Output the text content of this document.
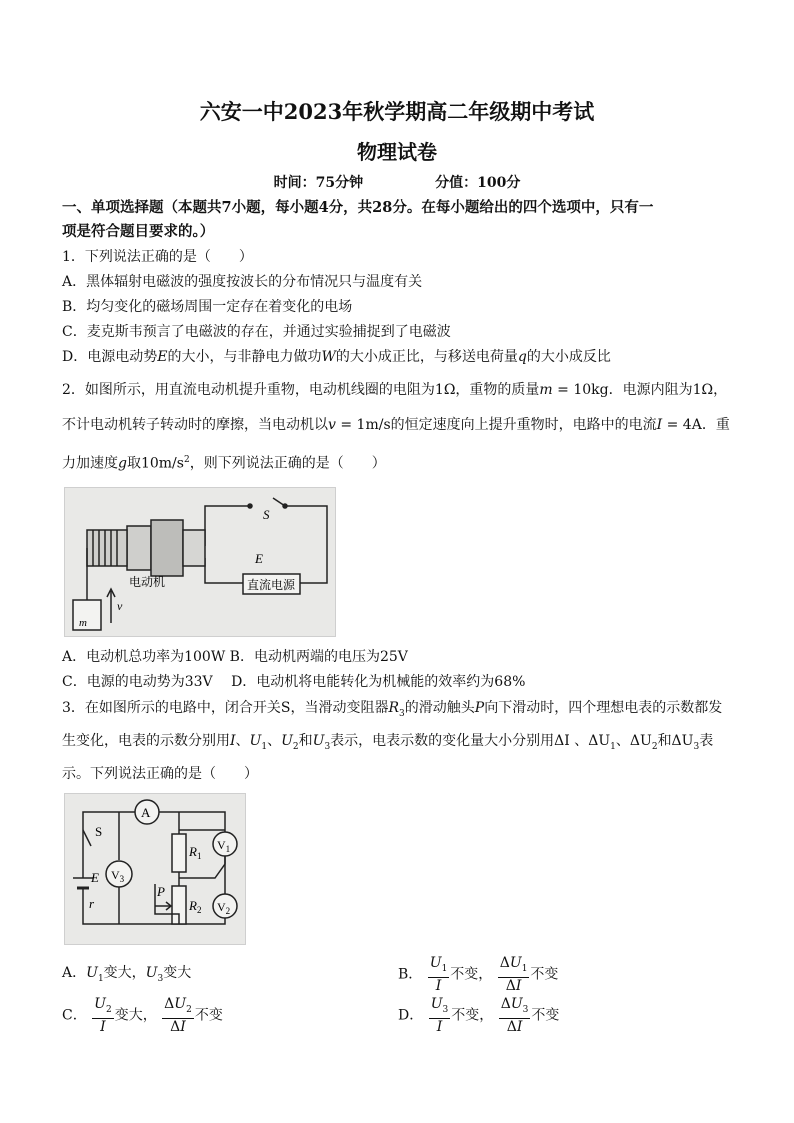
六安一中2023年秋学期高二年级期中考试
物理试卷
时间：75分钟	分值：100分
一、单项选择题（本题共7小题，每小题4分，共28分。在每小题给出的四个选项中，只有一
项是符合题目要求的。）
1．下列说法正确的是（　　）
A．黑体辐射电磁波的强度按波长的分布情况只与温度有关
B．均匀变化的磁场周围一定存在着变化的电场
C．麦克斯韦预言了电磁波的存在，并通过实验捕捉到了电磁波
D．电源电动势E的大小，与非静电力做功W的大小成正比，与移送电荷量q的大小成反比
2．如图所示，用直流电动机提升重物，电动机线圈的电阻为1Ω，重物的质量m = 10kg．电源内阻为1Ω，
不计电动机转子转动时的摩擦，当电动机以v = 1m/s的恒定速度向上提升重物时，电路中的电流I = 4A．重
力加速度g取$10m/s^2$，则下列说法正确的是（　　）
S
E
电动机	直流电源
v
m
A．电动机总功率为100W B．电动机两端的电压为25V
C．电源的电动势为33V　 D．电动机将电能转化为机械能的效率约为68%
3．在如图所示的电路中，闭合开关S，当滑动变阻器$R_3$的滑动触头P向下滑动时，四个理想电表的示数都发
生变化，电表的示数分别用I、$U_1$、$U_2$和$U_3$表示，电表示数的变化量大小分别用ΔI 、$\Delta U_1$、$\Delta U_2$和$\Delta U_3$表
示。下列说法正确的是（　　）
A
S
E
r
$V_3$
$V_1$
$V_2$
$R_1$
$R_2$
P
A．$U_1$变大，$U_3$变大	B． $\frac{U_1}{I}$ 不变， $\frac{\Delta U_1}{\Delta I}$ 不变
C． $\frac{U_2}{I}$ 变大， $\frac{\Delta U_2}{\Delta I}$ 不变	D． $\frac{U_3}{I}$ 不变， $\frac{\Delta U_3}{\Delta I}$ 不变
